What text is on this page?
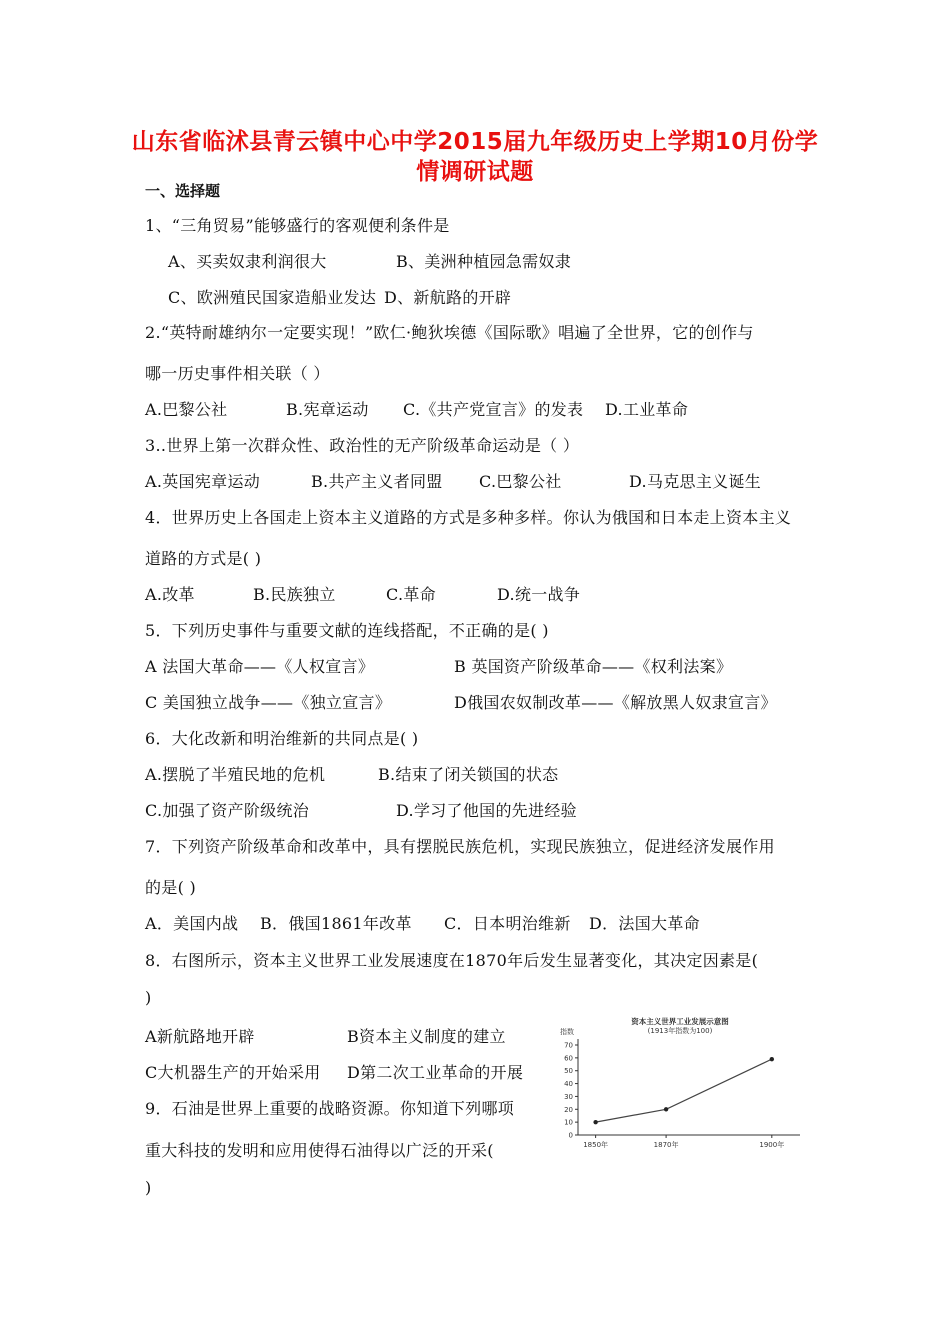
山东省临沭县青云镇中心中学2015届九年级历史上学期10月份学
情调研试题
一、选择题
1、“三角贸易”能够盛行的客观便利条件是
A、买卖奴隶利润很大	B、美洲种植园急需奴隶
C、欧洲殖民国家造船业发达 D、新航路的开辟
2.“英特耐雄纳尔一定要实现！”欧仁·鲍狄埃德《国际歌》唱遍了全世界，它的创作与
哪一历史事件相关联（ ）
A.巴黎公社	B.宪章运动 C.《共产党宣言》的发表 D.工业革命
3..世界上第一次群众性、政治性的无产阶级革命运动是（ ）
A.英国宪章运动	B.共产主义者同盟 C.巴黎公社	D.马克思主义诞生
4．世界历史上各国走上资本主义道路的方式是多种多样。你认为俄国和日本走上资本主义
道路的方式是( )
A.改革	B.民族独立	C.革命	D.统一战争
5．下列历史事件与重要文献的连线搭配，不正确的是( )
A 法国大革命——《人权宣言》	B 英国资产阶级革命——《权利法案》
C 美国独立战争——《独立宣言》	D俄国农奴制改革——《解放黑人奴隶宣言》
6．大化改新和明治维新的共同点是( )
A.摆脱了半殖民地的危机	B.结束了闭关锁国的状态
C.加强了资产阶级统治	D.学习了他国的先进经验
7．下列资产阶级革命和改革中，具有摆脱民族危机，实现民族独立，促进经济发展作用
的是( )
A．美国内战 B．俄国1861年改革 C．日本明治维新 D．法国大革命
8．右图所示，资本主义世界工业发展速度在1870年后发生显著变化，其决定因素是(
)
A新航路地开辟	B资本主义制度的建立
C大机器生产的开始采用 D第二次工业革命的开展
9．石油是世界上重要的战略资源。你知道下列哪项
重大科技的发明和应用使得石油得以广泛的开采(
)
资本主义世界工业发展示意图
(1913年指数为100)
指数
0
10
20
30
40
50
60
70
1850年	1870年	1900年
